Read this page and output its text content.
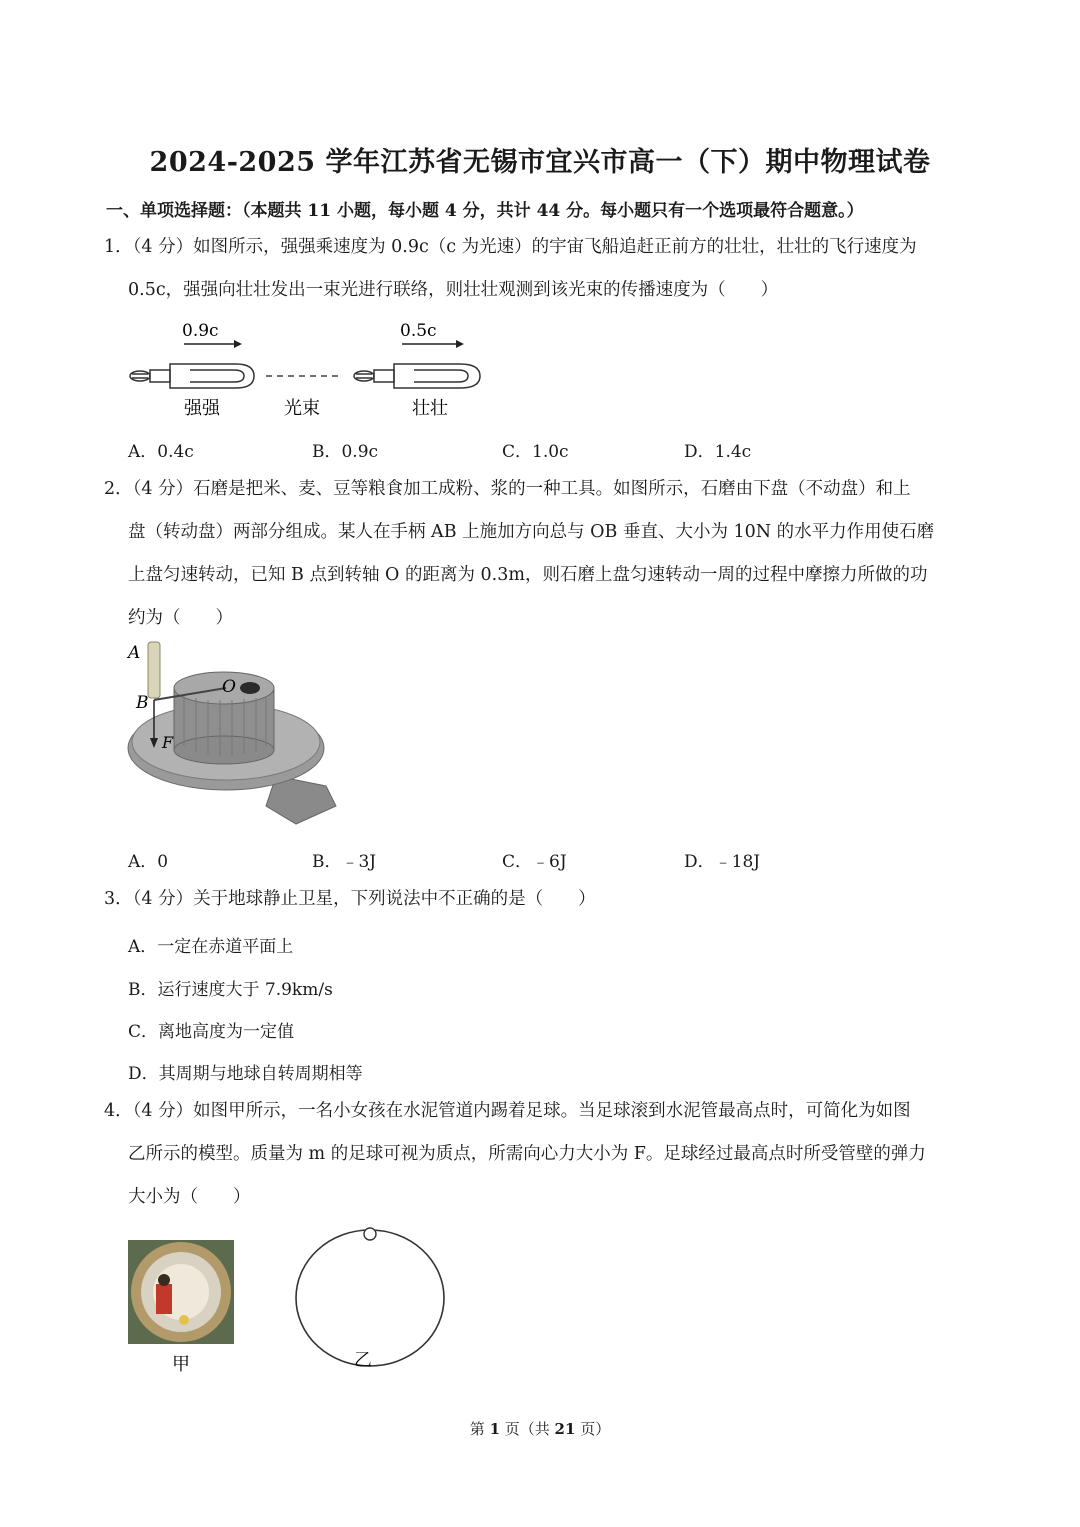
2024-2025 学年江苏省无锡市宜兴市高一（下）期中物理试卷
一、单项选择题：（本题共 11 小题，每小题 4 分，共计 44 分。每小题只有一个选项最符合题意。）
1．（4 分）如图所示，强强乘速度为 0.9c（c 为光速）的宇宙飞船追赶正前方的壮壮，壮壮的飞行速度为
0.5c，强强向壮壮发出一束光进行联络，则壮壮观测到该光束的传播速度为（　　）
0.9c	0.5c
强强	光束	壮壮
A．0.4c	B．0.9c	C．1.0c	D．1.4c
2．（4 分）石磨是把米、麦、豆等粮食加工成粉、浆的一种工具。如图所示，石磨由下盘（不动盘）和上
盘（转动盘）两部分组成。某人在手柄 AB 上施加方向总与 OB 垂直、大小为 10N 的水平力作用使石磨
上盘匀速转动，已知 B 点到转轴 O 的距离为 0.3m，则石磨上盘匀速转动一周的过程中摩擦力所做的功
约为（　　）
A
B
O
F
A．0	B．﹣3J	C．﹣6J	D．﹣18J
3．（4 分）关于地球静止卫星，下列说法中不正确的是（　　）
A．一定在赤道平面上
B．运行速度大于 7.9km/s
C．离地高度为一定值
D．其周期与地球自转周期相等
4．（4 分）如图甲所示，一名小女孩在水泥管道内踢着足球。当足球滚到水泥管最高点时，可简化为如图
乙所示的模型。质量为 m 的足球可视为质点，所需向心力大小为 F。足球经过最高点时所受管壁的弹力
大小为（　　）
甲	乙
第 1 页（共 21 页）
